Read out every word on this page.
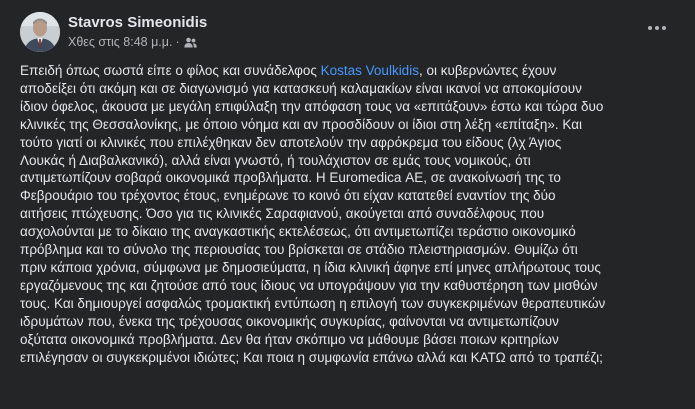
Stavros Simeonidis
Χθες στις 8:48 μ.μ. ·
Επειδή όπως σωστά είπε ο φίλος και συνάδελφος Kostas Voulkidis, οι κυβερνώντες έχουν
αποδείξει ότι ακόμη και σε διαγωνισμό για κατασκευή καλαμακίων είναι ικανοί να αποκομίσουν
ίδιον όφελος, άκουσα με μεγάλη επιφύλαξη την απόφαση τους να «επιτάξουν» έστω και τώρα δυο
κλινικές της Θεσσαλονίκης, με όποιο νόημα και αν προσδίδουν οι ίδιοι στη λέξη «επίταξη». Και
τούτο γιατί οι κλινικές που επιλέχθηκαν δεν αποτελούν την αφρόκρεμα του είδους (λχ Άγιος
Λουκάς ή Διαβαλκανικό), αλλά είναι γνωστό, ή τουλάχιστον σε εμάς τους νομικούς, ότι
αντιμετωπίζουν σοβαρά οικονομικά προβλήματα. Η Euromedica ΑΕ, σε ανακοίνωσή της το
Φεβρουάριο του τρέχοντος έτους, ενημέρωνε το κοινό ότι είχαν κατατεθεί εναντίον της δύο
αιτήσεις πτώχευσης. Όσο για τις κλινικές Σαραφιανού, ακούγεται από συναδέλφους που
ασχολούνται με το δίκαιο της αναγκαστικής εκτελέσεως, ότι αντιμετωπίζει τεράστιο οικονομικό
πρόβλημα και το σύνολο της περιουσίας του βρίσκεται σε στάδιο πλειστηριασμών. Θυμίζω ότι
πριν κάποια χρόνια, σύμφωνα με δημοσιεύματα, η ίδια κλινική άφηνε επί μηνες απλήρωτους τους
εργαζόμενους της και ζητούσε από τους ίδιους να υπογράψουν για την καθυστέρηση των μισθών
τους. Και δημιουργεί ασφαλώς τρομακτική εντύπωση η επιλογή των συγκεκριμένων θεραπευτικών
ιδρυμάτων που, ένεκα της τρέχουσας οικονομικής συγκυρίας, φαίνονται να αντιμετωπίζουν
οξύτατα οικονομικά προβλήματα. Δεν θα ήταν σκόπιμο να μάθουμε βάσει ποιων κριτηρίων
επιλέγησαν οι συγκεκριμένοι ιδιώτες; Και ποια η συμφωνία επάνω αλλά και ΚΑΤΩ από το τραπέζι;
